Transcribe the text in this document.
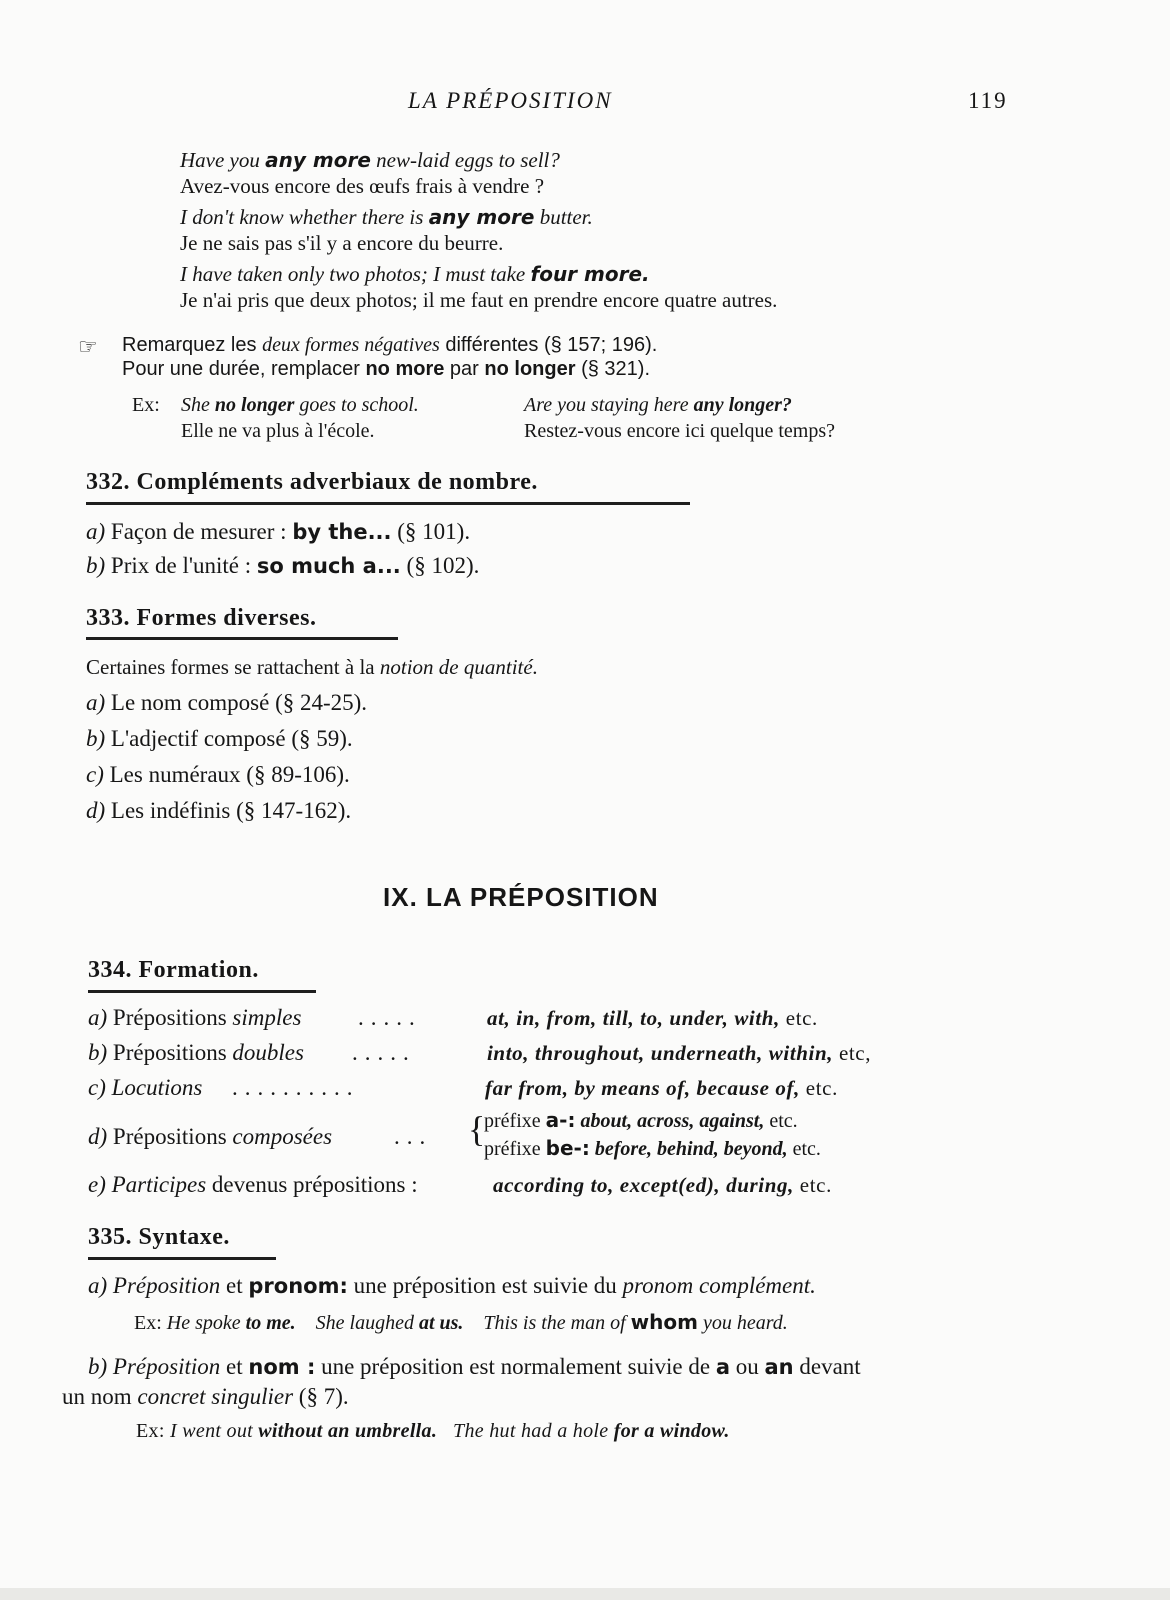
LA PRÉPOSITION	119
Have you any more new-laid eggs to sell?
Avez-vous encore des œufs frais à vendre ?
I don't know whether there is any more butter.
Je ne sais pas s'il y a encore du beurre.
I have taken only two photos; I must take four more.
Je n'ai pris que deux photos; il me faut en prendre encore quatre autres.
☞ Remarquez les deux formes négatives différentes (§ 157; 196).
Pour une durée, remplacer no more par no longer (§ 321).
Ex: She no longer goes to school.
Elle ne va plus à l'école.
Are you staying here any longer?
Restez-vous encore ici quelque temps?
332. Compléments adverbiaux de nombre.
a) Façon de mesurer : by the... (§ 101).
b) Prix de l'unité : so much a... (§ 102).
333. Formes diverses.
Certaines formes se rattachent à la notion de quantité.
a) Le nom composé (§ 24-25).
b) L'adjectif composé (§ 59).
c) Les numéraux (§ 89-106).
d) Les indéfinis (§ 147-162).
IX. LA PRÉPOSITION
334. Formation.
a) Prépositions simples .....	at, in, from, till, to, under, with, etc.
b) Prépositions doubles .....	into, throughout, underneath, within, etc,
c) Locutions ..........	far from, by means of, because of, etc.
d) Prépositions composées	... {
préfixe a-: about, across, against, etc.
préfixe be-: before, behind, beyond, etc.
e) Participes devenus prépositions :	according to, except(ed), during, etc.
335. Syntaxe.
a) Préposition et pronom: une préposition est suivie du pronom complément.
Ex: He spoke to me. She laughed at us. This is the man of whom you heard.
b) Préposition et nom : une préposition est normalement suivie de a ou an devant
un nom concret singulier (§ 7).
Ex: I went out without an umbrella. The hut had a hole for a window.
